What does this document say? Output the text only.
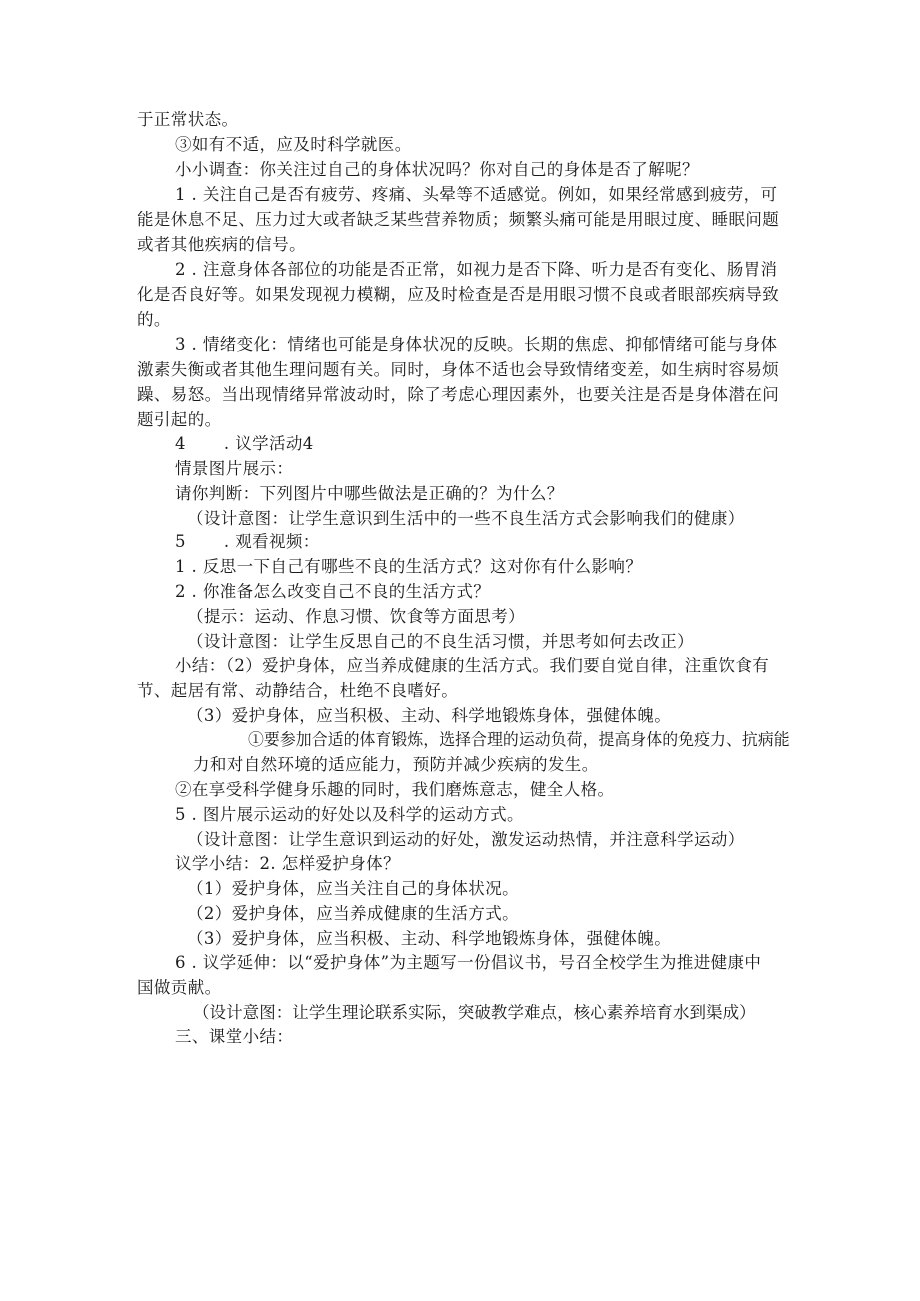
于正常状态。
③如有不适，应及时科学就医。
小小调查：你关注过自己的身体状况吗？你对自己的身体是否了解呢？
1 . 关注自己是否有疲劳、疼痛、头晕等不适感觉。例如，如果经常感到疲劳，可
能是休息不足、压力过大或者缺乏某些营养物质；频繁头痛可能是用眼过度、睡眠问题
或者其他疾病的信号。
2 . 注意身体各部位的功能是否正常，如视力是否下降、听力是否有变化、肠胃消
化是否良好等。如果发现视力模糊，应及时检查是否是用眼习惯不良或者眼部疾病导致
的。
3 . 情绪变化：情绪也可能是身体状况的反映。长期的焦虑、抑郁情绪可能与身体
激素失衡或者其他生理问题有关。同时，身体不适也会导致情绪变差，如生病时容易烦
躁、易怒。当出现情绪异常波动时，除了考虑心理因素外，也要关注是否是身体潜在问
题引起的。
4 . 议学活动4
情景图片展示：
请你判断：下列图片中哪些做法是正确的？为什么？
（设计意图：让学生意识到生活中的一些不良生活方式会影响我们的健康）
5 . 观看视频：
1 . 反思一下自己有哪些不良的生活方式？这对你有什么影响？
2 . 你准备怎么改变自己不良的生活方式？
（提示：运动、作息习惯、饮食等方面思考）
（设计意图：让学生反思自己的不良生活习惯，并思考如何去改正）
小结：（2）爱护身体，应当养成健康的生活方式。我们要自觉自律，注重饮食有
节、起居有常、动静结合，杜绝不良嗜好。
（3）爱护身体，应当积极、主动、科学地锻炼身体，强健体魄。
①要参加合适的体育锻炼，选择合理的运动负荷，提高身体的免疫力、抗病能
力和对自然环境的适应能力，预防并减少疾病的发生。
②在享受科学健身乐趣的同时，我们磨炼意志，健全人格。
5 . 图片展示运动的好处以及科学的运动方式。
（设计意图：让学生意识到运动的好处，激发运动热情，并注意科学运动）
议学小结：2. 怎样爱护身体？
（1）爱护身体，应当关注自己的身体状况。
（2）爱护身体，应当养成健康的生活方式。
（3）爱护身体，应当积极、主动、科学地锻炼身体，强健体魄。
6 . 议学延伸：以“爱护身体”为主题写一份倡议书，号召全校学生为推进健康中
国做贡献。
（设计意图：让学生理论联系实际，突破教学难点，核心素养培育水到渠成）
三、课堂小结：
